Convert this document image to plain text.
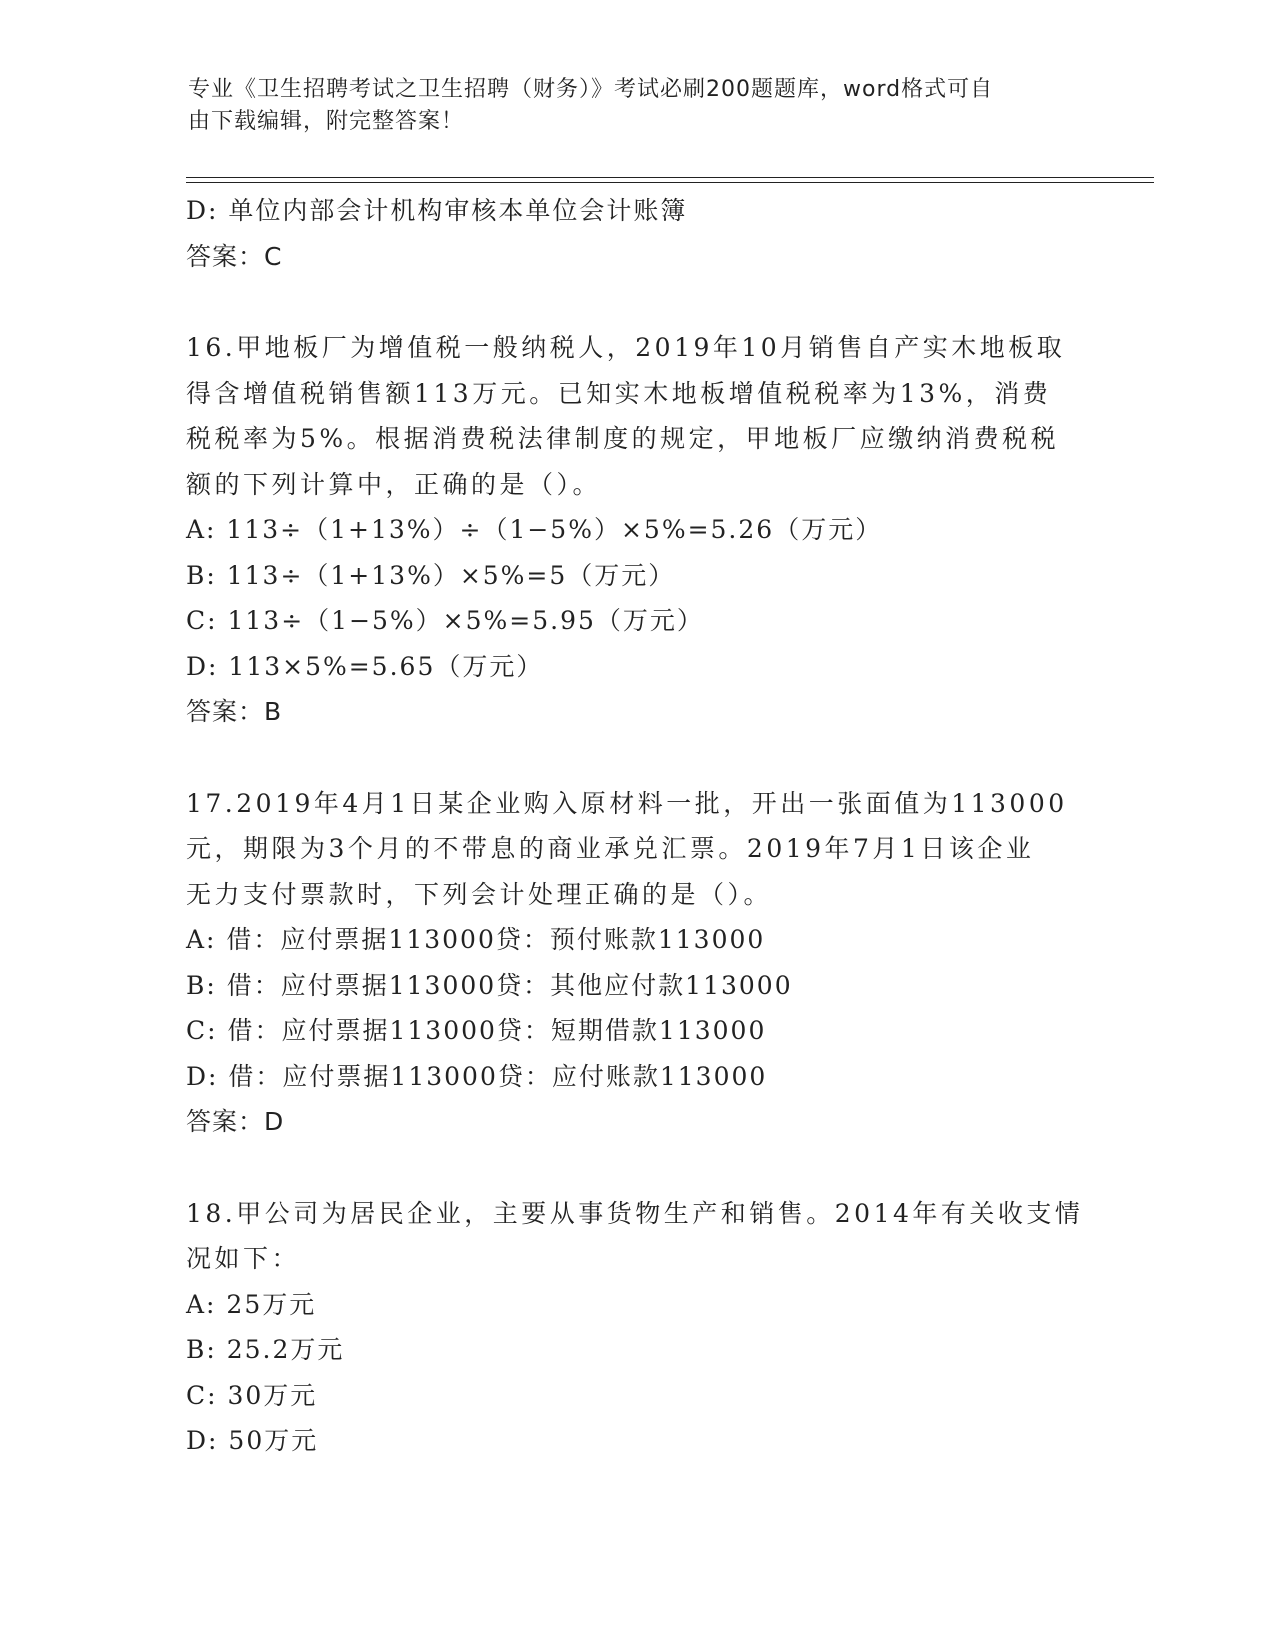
专业《卫生招聘考试之卫生招聘（财务）》考试必刷200题题库，word格式可自
由下载编辑，附完整答案！
D: 单位内部会计机构审核本单位会计账簿
答案：C
16.甲地板厂为增值税一般纳税人，2019年10月销售自产实木地板取
得含增值税销售额113万元。已知实木地板增值税税率为13%，消费
税税率为5%。根据消费税法律制度的规定，甲地板厂应缴纳消费税税
额的下列计算中，正确的是（）。
A: 113÷（1+13%）÷（1−5%）×5%=5.26（万元）
B: 113÷（1+13%）×5%=5（万元）
C: 113÷（1−5%）×5%=5.95（万元）
D: 113×5%=5.65（万元）
答案：B
17.2019年4月1日某企业购入原材料一批，开出一张面值为113000
元，期限为3个月的不带息的商业承兑汇票。2019年7月1日该企业
无力支付票款时，下列会计处理正确的是（）。
A: 借：应付票据113000贷：预付账款113000
B: 借：应付票据113000贷：其他应付款113000
C: 借：应付票据113000贷：短期借款113000
D: 借：应付票据113000贷：应付账款113000
答案：D
18.甲公司为居民企业，主要从事货物生产和销售。2014年有关收支情
况如下：
A: 25万元
B: 25.2万元
C: 30万元
D: 50万元
